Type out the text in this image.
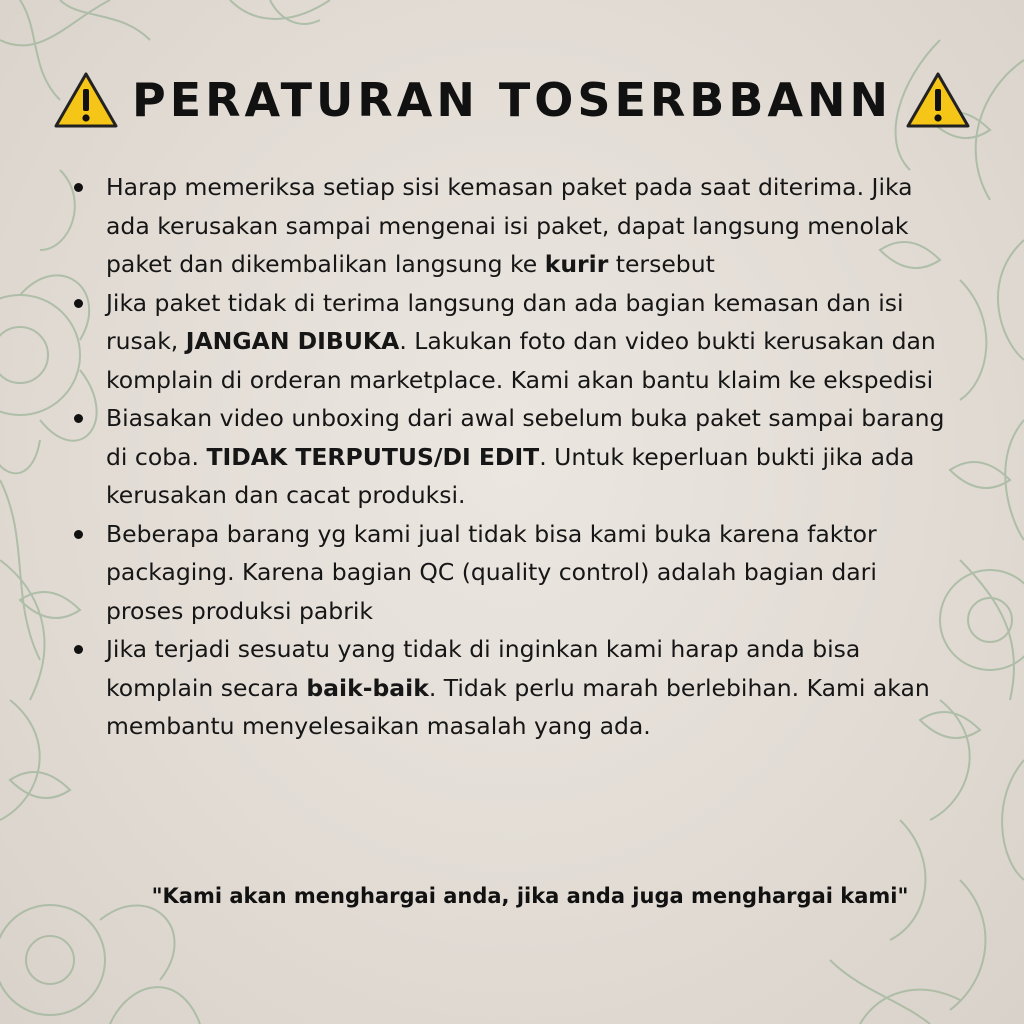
PERATURAN TOSERBBANN
Harap memeriksa setiap sisi kemasan paket pada saat diterima. Jika ada kerusakan sampai mengenai isi paket, dapat langsung menolak paket dan dikembalikan langsung ke kurir tersebut
Jika paket tidak di terima langsung dan ada bagian kemasan dan isi rusak, JANGAN DIBUKA. Lakukan foto dan video bukti kerusakan dan komplain di orderan marketplace. Kami akan bantu klaim ke ekspedisi
Biasakan video unboxing dari awal sebelum buka paket sampai barang di coba. TIDAK TERPUTUS/DI EDIT. Untuk keperluan bukti jika ada kerusakan dan cacat produksi.
Beberapa barang yg kami jual tidak bisa kami buka karena faktor packaging. Karena bagian QC (quality control) adalah bagian dari proses produksi pabrik
Jika terjadi sesuatu yang tidak di inginkan kami harap anda bisa komplain secara baik-baik. Tidak perlu marah berlebihan. Kami akan membantu menyelesaikan masalah yang ada.
"Kami akan menghargai anda, jika anda juga menghargai kami"
